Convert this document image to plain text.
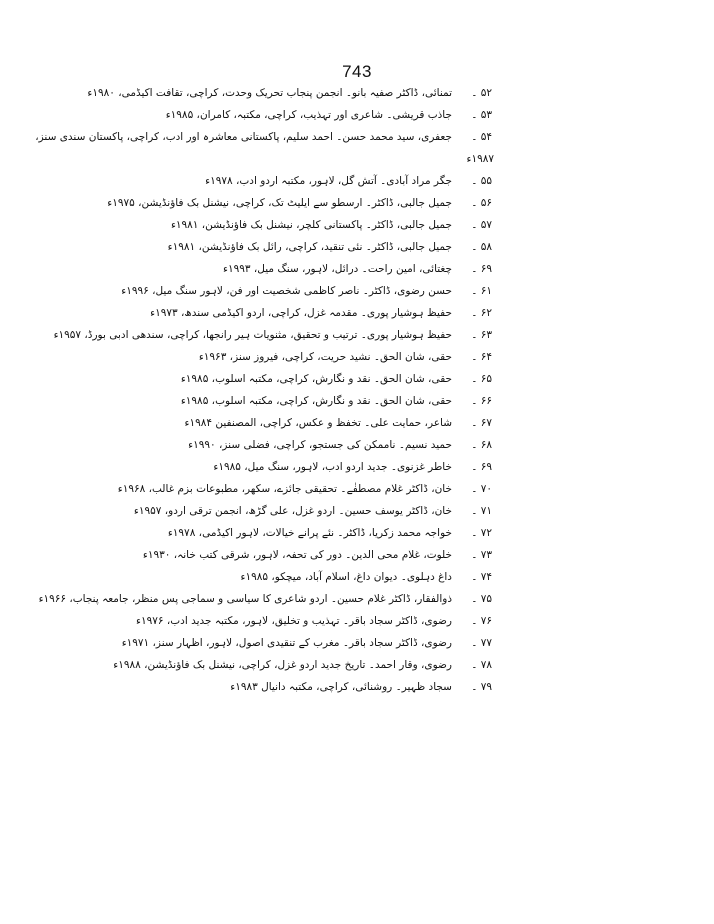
743
۵۲ ۔
تمنائی، ڈاکٹر صفیہ بانو۔ انجمن پنجاب تحریک وحدت، کراچی، تقافت اکیڈمی، ۱۹۸۰ء
۵۳ ۔
جاذب قریشی۔ شاعری اور تہذیب، کراچی، مکتبہ، کامران، ۱۹۸۵ء
۵۴ ۔
جعفری، سید محمد حسن۔ احمد سلیم، پاکستانی معاشرہ اور ادب، کراچی، پاکستان سندی سنز،
۱۹۸۷ء
۵۵ ۔
جگر مراد آبادی۔ آتش گل، لاہور، مکتبہ اردو ادب، ۱۹۷۸ء
۵۶ ۔
جمیل جالبی، ڈاکٹر۔ ارسطو سے ایلیٹ تک، کراچی، نیشنل بک فاؤنڈیشن، ۱۹۷۵ء
۵۷ ۔
جمیل جالبی، ڈاکٹر۔ پاکستانی کلچر، نیشنل بک فاؤنڈیشن، ۱۹۸۱ء
۵۸ ۔
جمیل جالبی، ڈاکٹر۔ نئی تنقید، کراچی، رائل بک فاؤنڈیشن، ۱۹۸۱ء
۶۹ ۔
چغتائی، امین راحت۔ درائل، لاہور، سنگ میل، ۱۹۹۳ء
۶۱ ۔
حسن رضوی، ڈاکٹر۔ ناصر کاظمی شخصیت اور فن، لاہور سنگ میل، ۱۹۹۶ء
۶۲ ۔
حفیظ ہوشیار پوری۔ مقدمہ غزل، کراچی، اردو اکیڈمی سندھ، ۱۹۷۳ء
۶۳ ۔
حفیظ ہوشیار پوری۔ ترتیب و تحقیق، مثنویات ہیر رانجھا، کراچی، سندھی ادبی بورڈ، ۱۹۵۷ء
۶۴ ۔
حقی، شان الحق۔ نشید حریت، کراچی، فیروز سنز، ۱۹۶۳ء
۶۵ ۔
حقی، شان الحق۔ نقد و نگارش، کراچی، مکتبہ اسلوب، ۱۹۸۵ء
۶۶ ۔
حقی، شان الحق۔ نقد و نگارش، کراچی، مکتبہ اسلوب، ۱۹۸۵ء
۶۷ ۔
شاعر، حمایت علی۔ تخفظ و عکس، کراچی، المصنفین ۱۹۸۴ء
۶۸ ۔
حمید نسیم۔ ناممکن کی جستجو، کراچی، فضلی سنز، ۱۹۹۰ء
۶۹ ۔
خاطر غزنوی۔ جدید اردو ادب، لاہور، سنگ میل، ۱۹۸۵ء
۷۰ ۔
خان، ڈاکٹر غلام مصطفٰے۔ تحقیقی جائزے، سکھر، مطبوعات بزم غالب، ۱۹۶۸ء
۷۱ ۔
خان، ڈاکٹر یوسف حسین۔ اردو غزل، علی گڑھ، انجمن ترقی اردو، ۱۹۵۷ء
۷۲ ۔
خواجہ محمد زکریا، ڈاکٹر۔ نئے پرانے خیالات، لاہور اکیڈمی، ۱۹۷۸ء
۷۳ ۔
خلوت، غلام محی الدین۔ دور کی تحفہ، لاہور، شرقی کتب خانہ، ۱۹۳۰ء
۷۴ ۔
داغ دہلوی۔ دیوان داغ، اسلام آباد، میچکو، ۱۹۸۵ء
۷۵ ۔
ذوالفقار، ڈاکٹر غلام حسین۔ اردو شاعری کا سیاسی و سماجی پس منظر، جامعہ پنجاب، ۱۹۶۶ء
۷۶ ۔
رضوی، ڈاکٹر سجاد باقر۔ تہذیب و تخلیق، لاہور، مکتبہ جدید ادب، ۱۹۷۶ء
۷۷ ۔
رضوی، ڈاکٹر سجاد باقر۔ مغرب کے تنقیدی اصول، لاہور، اظہار سنز، ۱۹۷۱ء
۷۸ ۔
رضوی، وقار احمد۔ تاریخ جدید اردو غزل، کراچی، نیشنل بک فاؤنڈیشن، ۱۹۸۸ء
۷۹ ۔
سجاد ظہیر۔ روشنائی، کراچی، مکتبہ دانیال ۱۹۸۳ء
